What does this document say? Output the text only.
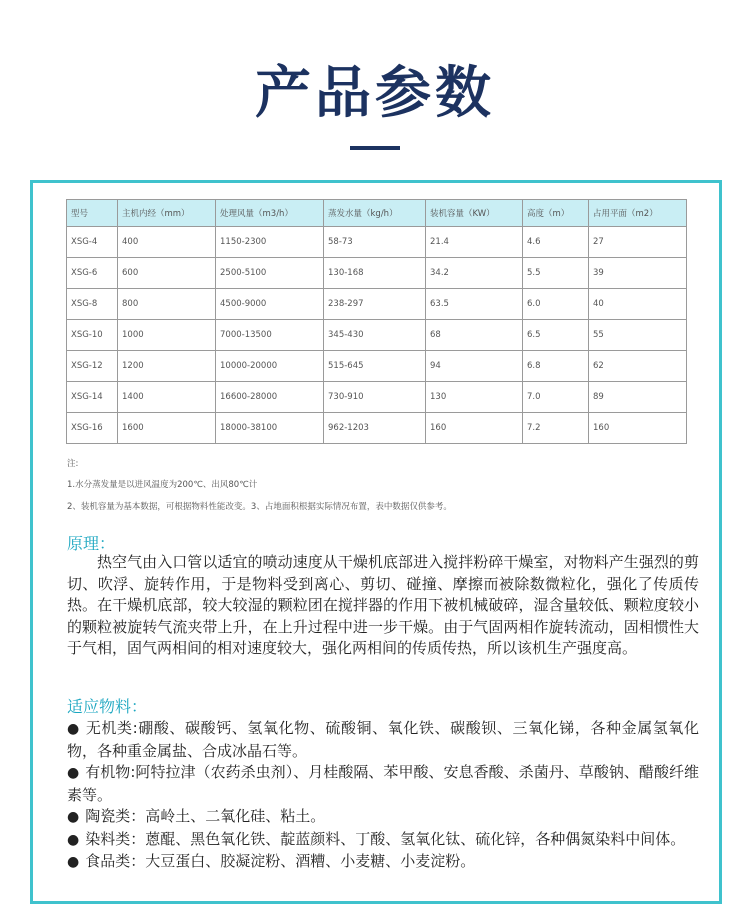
产品参数
型号	主机内经（mm）	处理风量（m3/h）	蒸发水量（kg/h）	装机容量（KW）	高度（m）	占用平面（m2）
XSG-4	400	1150-2300	58-73	21.4	4.6	27
XSG-6	600	2500-5100	130-168	34.2	5.5	39
XSG-8	800	4500-9000	238-297	63.5	6.0	40
XSG-10	1000	7000-13500	345-430	68	6.5	55
XSG-12	1200	10000-20000	515-645	94	6.8	62
XSG-14	1400	16600-28000	730-910	130	7.0	89
XSG-16	1600	18000-38100	962-1203	160	7.2	160
注:
1.水分蒸发量是以进风温度为200℃、出风80℃计
2、装机容量为基本数据，可根据物料性能改变。3、占地面积根据实际情况布置，表中数据仅供参考。
原理：
热空气由入口管以适宜的喷动速度从干燥机底部进入搅拌粉碎干燥室，对物料产生强烈的剪切、吹浮、旋转作用，于是物料受到离心、剪切、碰撞、摩擦而被除数微粒化，强化了传质传热。在干燥机底部，较大较湿的颗粒团在搅拌器的作用下被机械破碎，湿含量较低、颗粒度较小的颗粒被旋转气流夹带上升，在上升过程中进一步干燥。由于气固两相作旋转流动，固相惯性大于气相，固气两相间的相对速度较大，强化两相间的传质传热，所以该机生产强度高。
适应物料：
● 无机类:硼酸、碳酸钙、氢氧化物、硫酸铜、氧化铁、碳酸钡、三氧化锑，各种金属氢氧化物，各种重金属盐、合成冰晶石等。
● 有机物:阿特拉津（农药杀虫剂）、月桂酸隔、苯甲酸、安息香酸、杀菌丹、草酸钠、醋酸纤维素等。
● 陶瓷类：高岭土、二氧化硅、粘土。
● 染料类：蒽醌、黑色氧化铁、靛蓝颜料、丁酸、氢氧化钛、硫化锌，各种偶氮染料中间体。
● 食品类：大豆蛋白、胶凝淀粉、酒糟、小麦糖、小麦淀粉。
